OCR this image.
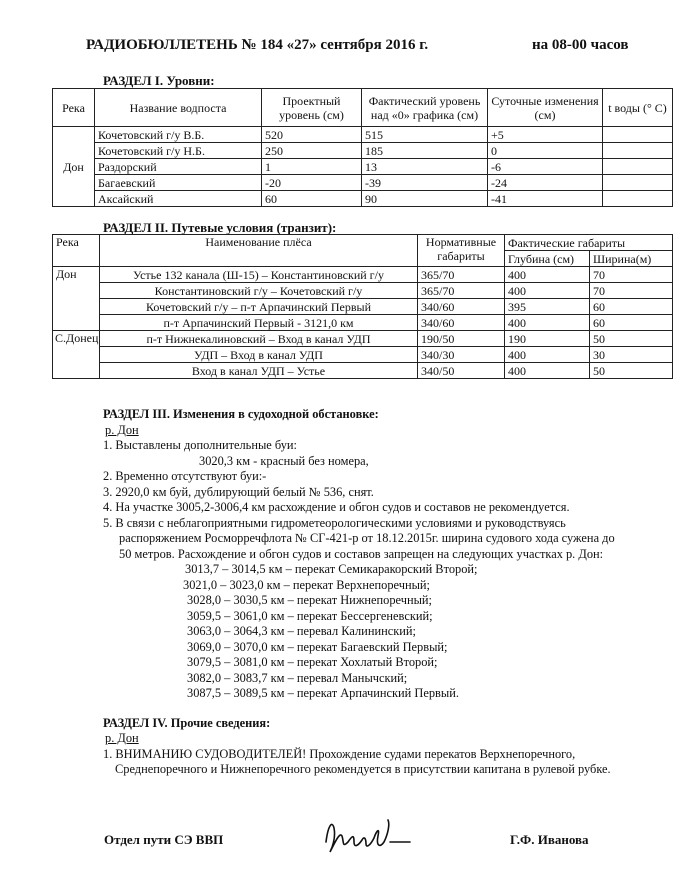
РАДИОБЮЛЛЕТЕНЬ № 184 «27» сентября 2016 г.	на 08-00 часов
РАЗДЕЛ I. Уровни:
Река	Название водпоста	Проектный уровень (см)	Фактический уровень над «0» графика (см)	Суточные изменения (см)	t воды (° С)
Дон	Кочетовский г/у В.Б.	520	515	+5	
	Кочетовский г/у Н.Б.	250	185	0	
	Раздорский	1	13	-6	
	Багаевский	-20	-39	-24	
	Аксайский	60	90	-41	
РАЗДЕЛ II. Путевые условия (транзит):
Река	Наименование плёса	Нормативные габариты	Фактические габариты	
			Глубина (см)	Ширина(м)
Дон	Устье 132 канала (Ш-15) – Константиновский г/у	365/70	400	70
	Константиновский г/у – Кочетовский г/у	365/70	400	70
	Кочетовский г/у – п-т Арпачинский Первый	340/60	395	60
	п-т Арпачинский Первый - 3121,0 км	340/60	400	60
С.Донец	п-т Нижнекалиновский – Вход в канал УДП	190/50	190	50
	УДП – Вход в канал УДП	340/30	400	30
	Вход в канал УДП – Устье	340/50	400	50
РАЗДЕЛ III. Изменения в судоходной обстановке:
р. Дон
1. Выставлены дополнительные буи:
3020,3 км - красный без номера,
2. Временно отсутствуют буи:-
3. 2920,0 км буй, дублирующий белый № 536, снят.
4. На участке 3005,2-3006,4 км расхождение и обгон судов и составов не рекомендуется.
5. В связи с неблагоприятными гидрометеорологическими условиями и руководствуясь
распоряжением Росморречфлота № СГ-421-р от 18.12.2015г. ширина судового хода сужена до
50 метров. Расхождение и обгон судов и составов запрещен на следующих участках р. Дон:
3013,7 – 3014,5 км – перекат Семикаракорский Второй;
3021,0 – 3023,0 км – перекат Верхнепоречный;
3028,0 – 3030,5 км – перекат Нижнепоречный;
3059,5 – 3061,0 км – перекат Бессергеневский;
3063,0 – 3064,3 км – перевал Калининский;
3069,0 – 3070,0 км – перекат Багаевский Первый;
3079,5 – 3081,0 км – перекат Хохлатый Второй;
3082,0 – 3083,7 км – перевал Манычский;
3087,5 – 3089,5 км – перекат Арпачинский Первый.
РАЗДЕЛ IV. Прочие сведения:
р. Дон
1. ВНИМАНИЮ СУДОВОДИТЕЛЕЙ! Прохождение судами перекатов Верхнепоречного,
Среднепоречного и Нижнепоречного рекомендуется в присутствии капитана в рулевой рубке.
Отдел пути СЭ ВВП	Г.Ф. Иванова
